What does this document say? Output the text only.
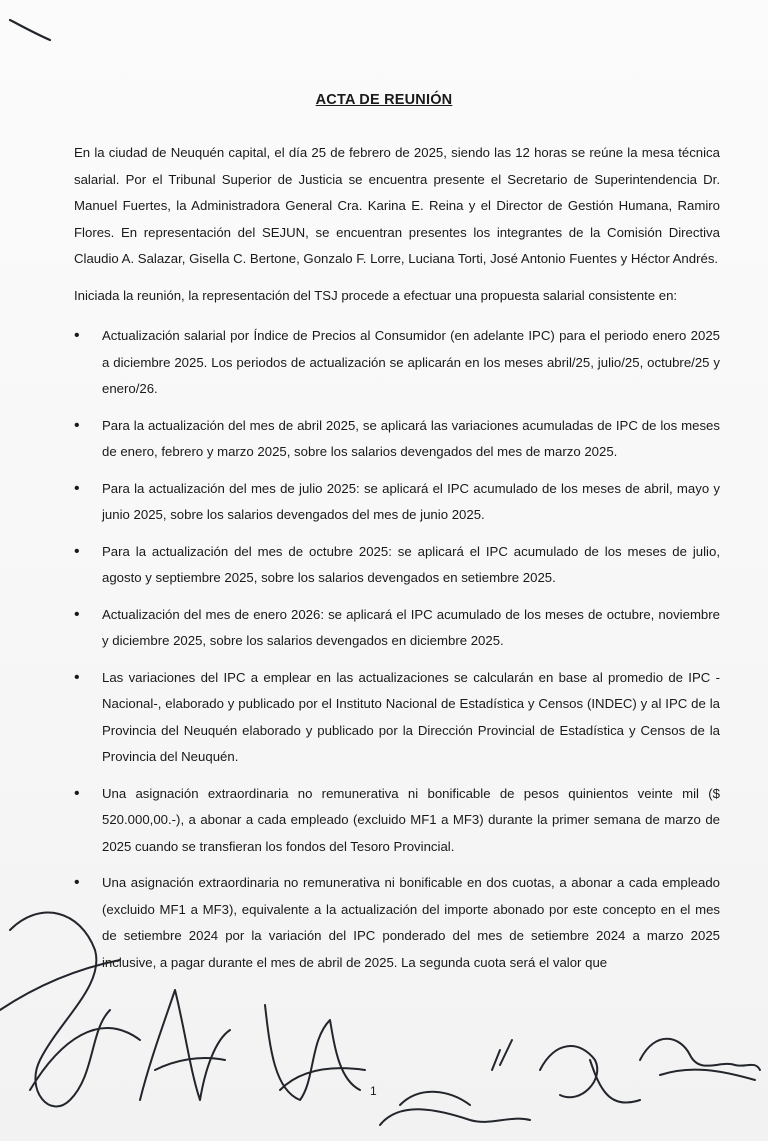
ACTA DE REUNIÓN

En la ciudad de Neuquén capital, el día 25 de febrero de 2025, siendo las 12 horas se reúne la mesa técnica salarial. Por el Tribunal Superior de Justicia se encuentra presente el Secretario de Superintendencia Dr. Manuel Fuertes, la Administradora General Cra. Karina E. Reina y el Director de Gestión Humana, Ramiro Flores. En representación del SEJUN, se encuentran presentes los integrantes de la Comisión Directiva Claudio A. Salazar, Gisella C. Bertone, Gonzalo F. Lorre, Luciana Torti, José Antonio Fuentes y Héctor Andrés.

Iniciada la reunión, la representación del TSJ procede a efectuar una propuesta salarial consistente en:

• Actualización salarial por Índice de Precios al Consumidor (en adelante IPC) para el periodo enero 2025 a diciembre 2025. Los periodos de actualización se aplicarán en los meses abril/25, julio/25, octubre/25 y enero/26.
• Para la actualización del mes de abril 2025, se aplicará las variaciones acumuladas de IPC de los meses de enero, febrero y marzo 2025, sobre los salarios devengados del mes de marzo 2025.
• Para la actualización del mes de julio 2025: se aplicará el IPC acumulado de los meses de abril, mayo y junio 2025, sobre los salarios devengados del mes de junio 2025.
• Para la actualización del mes de octubre 2025: se aplicará el IPC acumulado de los meses de julio, agosto y septiembre 2025, sobre los salarios devengados en setiembre 2025.
• Actualización del mes de enero 2026: se aplicará el IPC acumulado de los meses de octubre, noviembre y diciembre 2025, sobre los salarios devengados en diciembre 2025.
• Las variaciones del IPC a emplear en las actualizaciones se calcularán en base al promedio de IPC -Nacional-, elaborado y publicado por el Instituto Nacional de Estadística y Censos (INDEC) y al IPC de la Provincia del Neuquén elaborado y publicado por la Dirección Provincial de Estadística y Censos de la Provincia del Neuquén.
• Una asignación extraordinaria no remunerativa ni bonificable de pesos quinientos veinte mil ($ 520.000,00.-), a abonar a cada empleado (excluido MF1 a MF3) durante la primer semana de marzo de 2025 cuando se transfieran los fondos del Tesoro Provincial.
• Una asignación extraordinaria no remunerativa ni bonificable en dos cuotas, a abonar a cada empleado (excluido MF1 a MF3), equivalente a la actualización del importe abonado por este concepto en el mes de setiembre 2024 por la variación del IPC ponderado del mes de setiembre 2024 a marzo 2025 inclusive, a pagar durante el mes de abril de 2025. La segunda cuota será el valor que
1
